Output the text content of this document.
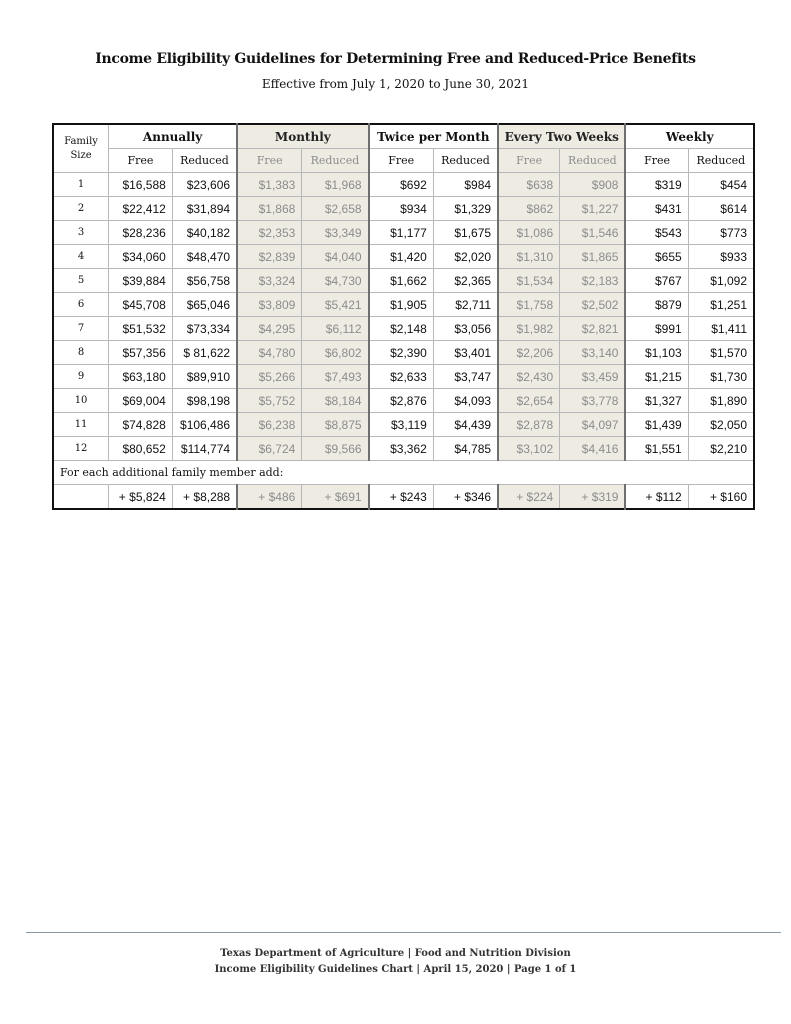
Income Eligibility Guidelines for Determining Free and Reduced-Price Benefits
Effective from July 1, 2020 to June 30, 2021
Family Size	Annually		Monthly		Twice per Month		Every Two Weeks		Weekly	
	Free	Reduced	Free	Reduced	Free	Reduced	Free	Reduced	Free	Reduced
1	$16,588	$23,606	$1,383	$1,968	$692	$984	$638	$908	$319	$454
2	$22,412	$31,894	$1,868	$2,658	$934	$1,329	$862	$1,227	$431	$614
3	$28,236	$40,182	$2,353	$3,349	$1,177	$1,675	$1,086	$1,546	$543	$773
4	$34,060	$48,470	$2,839	$4,040	$1,420	$2,020	$1,310	$1,865	$655	$933
5	$39,884	$56,758	$3,324	$4,730	$1,662	$2,365	$1,534	$2,183	$767	$1,092
6	$45,708	$65,046	$3,809	$5,421	$1,905	$2,711	$1,758	$2,502	$879	$1,251
7	$51,532	$73,334	$4,295	$6,112	$2,148	$3,056	$1,982	$2,821	$991	$1,411
8	$57,356	$ 81,622	$4,780	$6,802	$2,390	$3,401	$2,206	$3,140	$1,103	$1,570
9	$63,180	$89,910	$5,266	$7,493	$2,633	$3,747	$2,430	$3,459	$1,215	$1,730
10	$69,004	$98,198	$5,752	$8,184	$2,876	$4,093	$2,654	$3,778	$1,327	$1,890
11	$74,828	$106,486	$6,238	$8,875	$3,119	$4,439	$2,878	$4,097	$1,439	$2,050
12	$80,652	$114,774	$6,724	$9,566	$3,362	$4,785	$3,102	$4,416	$1,551	$2,210
For each additional family member add:										
	+ $5,824	+ $8,288	+ $486	+ $691	+ $243	+ $346	+ $224	+ $319	+ $112	+ $160
Texas Department of Agriculture | Food and Nutrition Division
Income Eligibility Guidelines Chart | April 15, 2020 | Page 1 of 1
